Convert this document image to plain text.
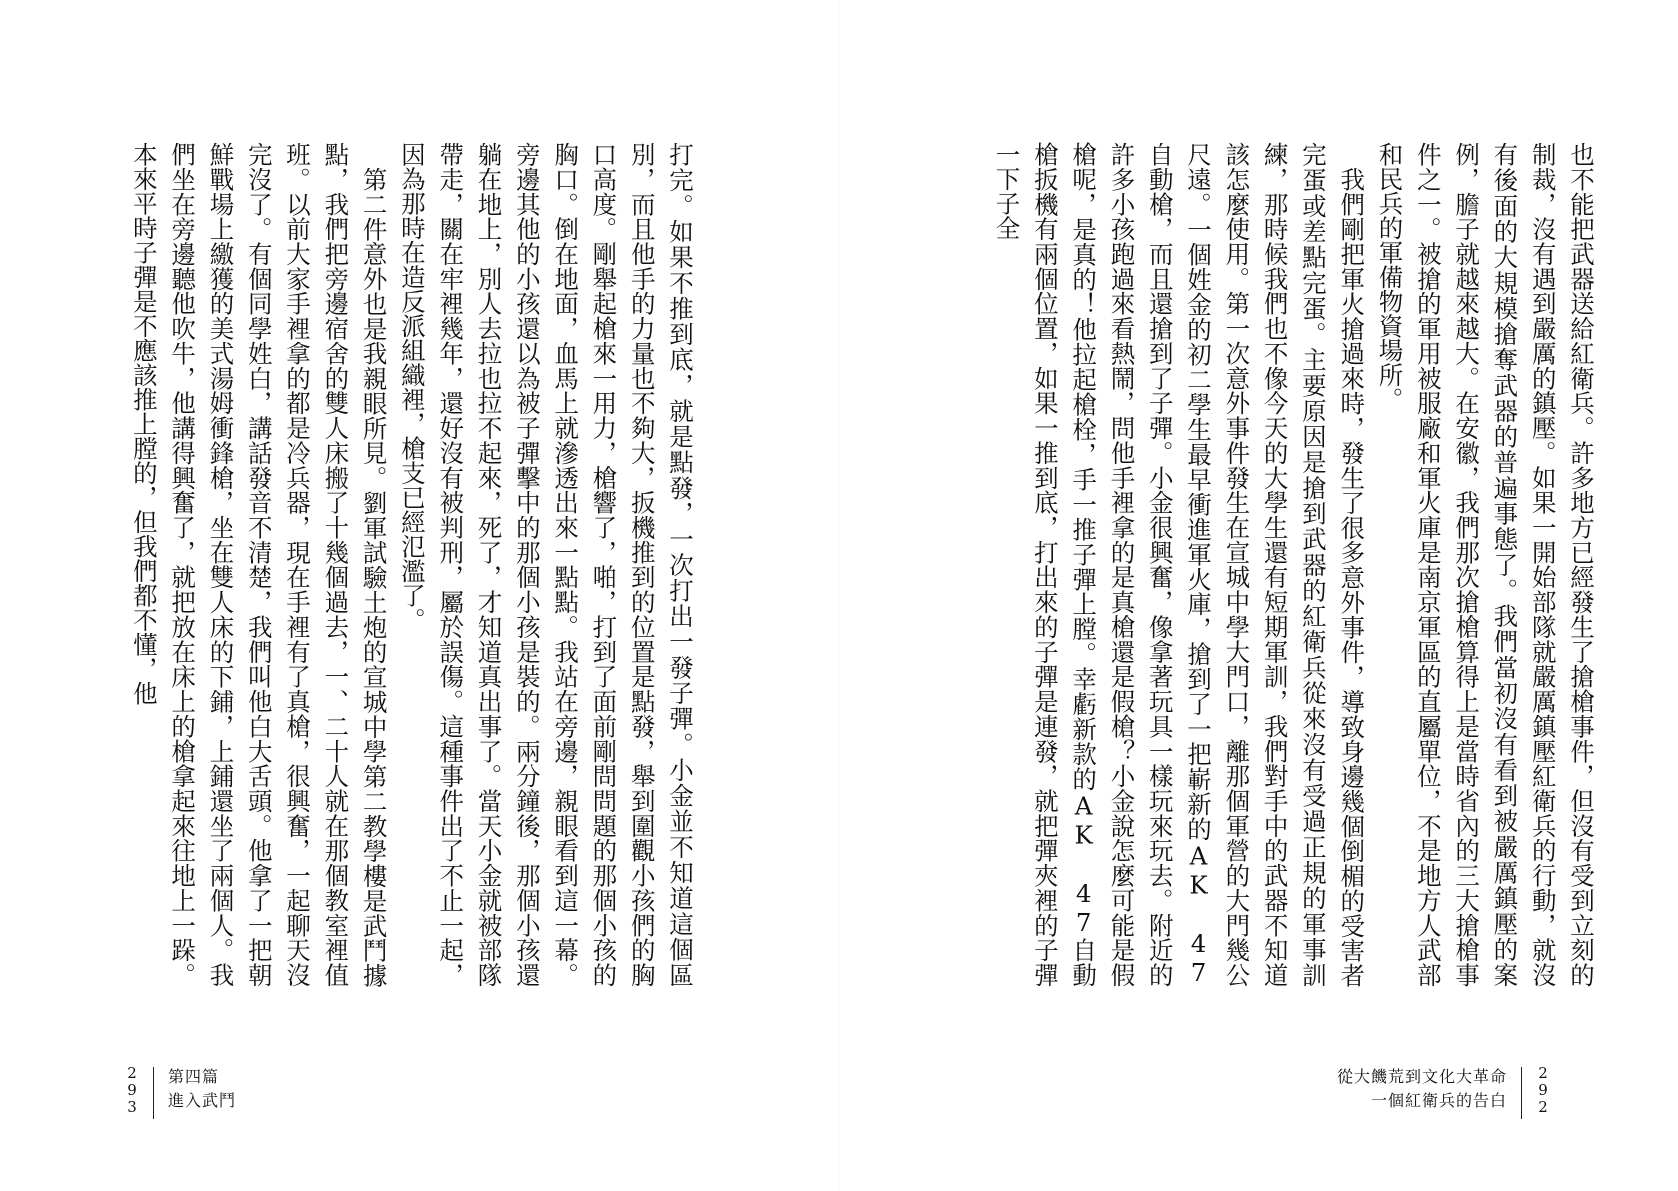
打完。如果不推到底，就是點發，一次打出一發子彈。小金並不知道這個區別，而且他手的力量也不夠大，扳機推到的位置是點發，舉到圍觀小孩們的胸口高度。剛舉起槍來一用力，槍響了，啪，打到了面前剛問問題的那個小孩的胸口。倒在地面，血馬上就滲透出來一點點。我站在旁邊，親眼看到這一幕。旁邊其他的小孩還以為被子彈擊中的那個小孩是裝的。兩分鐘後，那個小孩還躺在地上，別人去拉也拉不起來，死了，才知道真出事了。當天小金就被部隊帶走，關在牢裡幾年，還好沒有被判刑，屬於誤傷。這種事件出了不止一起，因為那時在造反派組織裡，槍支已經氾濫了。

第二件意外也是我親眼所見。劉軍試驗土炮的宣城中學第二教學樓是武鬥據點，我們把旁邊宿舍的雙人床搬了十幾個過去，一、二十人就在那個教室裡值班。以前大家手裡拿的都是冷兵器，現在手裡有了真槍，很興奮，一起聊天沒完沒了。有個同學姓白，講話發音不清楚，我們叫他白大舌頭。他拿了一把朝鮮戰場上繳獲的美式湯姆衝鋒槍，坐在雙人床的下鋪，上鋪還坐了兩個人。我們坐在旁邊聽他吹牛，他講得興奮了，就把放在床上的槍拿起來往地上一跺。本來平時子彈是不應該推上膛的，但我們都不懂，他

2
9
3
第四篇
進入武鬥

也不能把武器送給紅衛兵。許多地方已經發生了搶槍事件，但沒有受到立刻的制裁，沒有遇到嚴厲的鎮壓。如果一開始部隊就嚴厲鎮壓紅衛兵的行動，就沒有後面的大規模搶奪武器的普遍事態了。我們當初沒有看到被嚴厲鎮壓的案例，膽子就越來越大。在安徽，我們那次搶槍算得上是當時省內的三大搶槍事件之一。被搶的軍用被服廠和軍火庫是南京軍區的直屬單位，不是地方人武部和民兵的軍備物資場所。

我們剛把軍火搶過來時，發生了很多意外事件，導致身邊幾個倒楣的受害者完蛋或差點完蛋。主要原因是搶到武器的紅衛兵從來沒有受過正規的軍事訓練，那時候我們也不像今天的大學生還有短期軍訓，我們對手中的武器不知道該怎麼使用。第一次意外事件發生在宣城中學大門口，離那個軍營的大門幾公尺遠。一個姓金的初二學生最早衝進軍火庫，搶到了一把嶄新的AK 47自動槍，而且還搶到了子彈。小金很興奮，像拿著玩具一樣玩來玩去。附近的許多小孩跑過來看熱鬧，問他手裡拿的是真槍還是假槍？小金說怎麼可能是假槍呢，是真的！他拉起槍栓，手一推子彈上膛。幸虧新款的AK 47自動槍扳機有兩個位置，如果一推到底，打出來的子彈是連發，就把彈夾裡的子彈一下子全

從大饑荒到文化大革命
一個紅衛兵的告白
2
9
2
